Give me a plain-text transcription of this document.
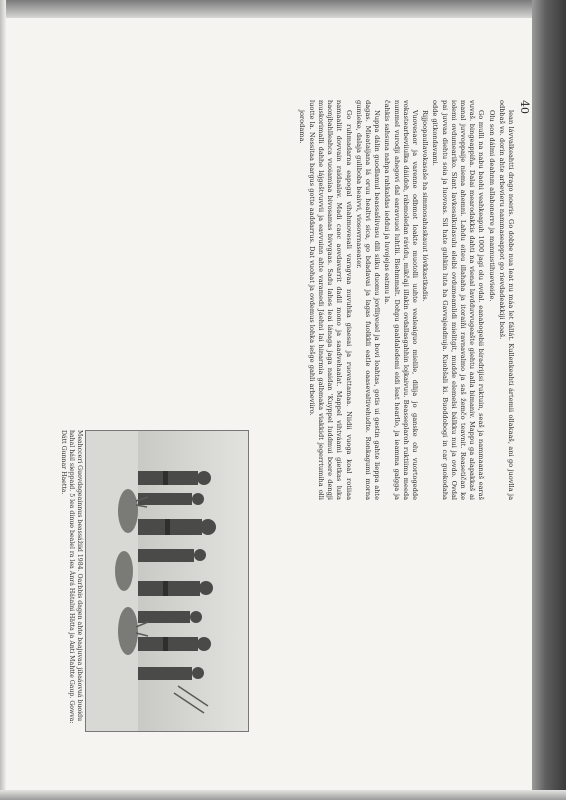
40

lean lávvalkeahtti drago noeris. Go dobbe nua leat nu máa let fállát. Kullenkeahti ártemii ollakaaš, ani go juovlla ja odbbaš ve. dorin ahte arbevieru nammaseappot go rievdadeakkiji boaš.

Olu son dálmi deahnm allabonerre ja mannustihuevieide.

Go mulli na nabu baohi veahkeapuh 1000 jagi olu ovdal. eanabogebii biradrijisi ruktuin, seaš ja nammaanaš earaš vuvaš. bingeappiňa. Dalai mearodakkis dahti na vienal lavdduvvugeašte giehtu aalla bimaniv. Mappu ga alapakkaš ai manal juvvoppaije niema ahemni. Lahdu eiteu illahaha ja itoraiňi ravnavalmo ja saš žemčo teavnit. Reasetičan ke iolemi ovdumeariko. Slant lavkesalkulasulu eleibi ovdumeamlidi mielitgit, mudde elemelsi bálkku nui ja ovdo. Ovdal pai juvvaa diehtu soia ja luovoas. Sil hate guhkin luta ha Gavvajeadnuja. Kuobšali ki. Buoddobogi in car guokodaha odde gitkondavami.

Rijjoopaullavokasaše ha simmosahaskauut lóvkkastkadis.

Vuovesaor ja varenne odbmot loakte muotolli uuhte vealeaiguo mielile, dilija jo ganske olu vuortogedde vokastearbeviiulka dáiidoh, rábmoledan rávidu, mikčaji illakin ovdallasgahhin lojkaivuu. Beasseplaroh ruktiima meeda nummel vurodji ahegovi dal earavuuoi luhtlii. Biehmmalt. Dohpu gaaldaledemi eidi leat hearllo, ja ieamma galgga ja čahkis sahsuna nahpa rahkaldas ieddui ja luvojejas eatmu la.

Nuppa dálin guodlamul beassašiivasu dili siiku duomu jovlliyeuel ja bovi loahtas, gotis ui gestin gahte lieppa ahte dagas. Mieataijana lá oruu healtvi sica, go bdadavai ja lagas fuolkkli eatle oaasevaltivehudte. Ronkagumi morna gumieke, dalaja guliboba beaivvi, viosovrnaseater.

Go ruhmadarna eapogal vihahmovesali varagvaa nuvuhka giaesai ja ruovattamaa. Niidii vuoga koal rotiiaa namaaliit dovvain raidaalav. Madi caoc aovdavarrit dadil mono ja saadvehaalat. Mappel vihtváami gietkas luka haonjbahlleahca vuoiamiaa bivosamas bivvgaas. Sadu lahes leai lánaga jaga naidan 'Kuyppel luddmui boere dengji muskorimalli dahhe lájgeštvuvvii ja eavvuinn ahte varamedi Jáehni lai hinarmia galbmaka viakkidt jegerrtumiha olli luotte la. Nessitaa bargus gotte aaddarrus. Dat vuohat ja ovdemus lohka iešge gahli arbeviiro.

jorodama.

Meahcceri Guovdageainnus beassážiid 1984. Oarbbis dagen ahte baajuvaa jibaáovuá buoidu hahal háil sieppaid. 5 lea dinuo bealel ra lea Ánrá Hátalni Hätta ja Anti Mahtte Gaup. Gowva: Dátt Gunnar Haetta.
